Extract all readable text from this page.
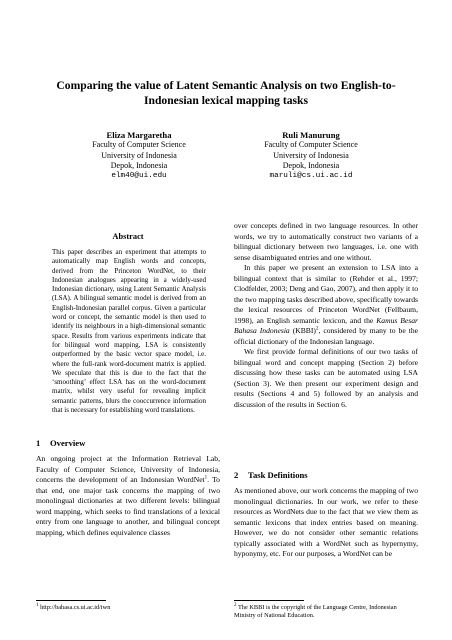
Comparing the value of Latent Semantic Analysis on two English-to-Indonesian lexical mapping tasks
Eliza Margaretha
Faculty of Computer Science
University of Indonesia
Depok, Indonesia
elm40@ui.edu
Ruli Manurung
Faculty of Computer Science
University of Indonesia
Depok, Indonesia
maruli@cs.ui.ac.id
Abstract
This paper describes an experiment that attempts to automatically map English words and concepts, derived from the Princeton WordNet, to their Indonesian analogues appearing in a widely-used Indonesian dictionary, using Latent Semantic Analysis (LSA). A bilingual semantic model is derived from an English-Indonesian parallel corpus. Given a particular word or concept, the semantic model is then used to identify its neighbours in a high-dimensional semantic space. Results from various experiments indicate that for bilingual word mapping, LSA is consistently outperformed by the basic vector space model, i.e. where the full-rank word-document matrix is applied. We speculate that this is due to the fact that the ‘smoothing’ effect LSA has on the word-document matrix, whilst very useful for revealing implicit semantic patterns, blurs the cooccurrence information that is necessary for establishing word translations.
1 Overview

An ongoing project at the Information Retrieval Lab, Faculty of Computer Science, University of Indonesia, concerns the development of an Indonesian WordNet$^1$. To that end, one major task concerns the mapping of two monolingual dictionaries at two different levels: bilingual word mapping, which seeks to find translations of a lexical entry from one language to another, and bilingual concept mapping, which defines equivalence classes

$^1$ http://bahasa.cs.ui.ac.id/iwn

over concepts defined in two language resources. In other words, we try to automatically construct two variants of a bilingual dictionary between two languages, i.e. one with sense disambiguated entries and one without.

In this paper we present an extension to LSA into a bilingual context that is similar to (Rehder et al., 1997; Clodfelder, 2003; Deng and Gao, 2007), and then apply it to the two mapping tasks described above, specifically towards the lexical resources of Princeton WordNet (Fellbaum, 1998), an English semantic lexicon, and the Kamus Besar Bahasa Indonesia (KBBI)$^2$, considered by many to be the official dictionary of the Indonesian language.

We first provide formal definitions of our two tasks of bilingual word and concept mapping (Section 2) before discussing how these tasks can be automated using LSA (Section 3). We then present our experiment design and results (Sections 4 and 5) followed by an analysis and discussion of the results in Section 6.

2 Task Definitions

As mentioned above, our work concerns the mapping of two monolingual dictionaries. In our work, we refer to these resources as WordNets due to the fact that we view them as semantic lexicons that index entries based on meaning. However, we do not consider other semantic relations typically associated with a WordNet such as hypernymy, hyponymy, etc. For our purposes, a WordNet can be

$^2$ The KBBI is the copyright of the Language Centre, Indonesian Ministry of National Education.
